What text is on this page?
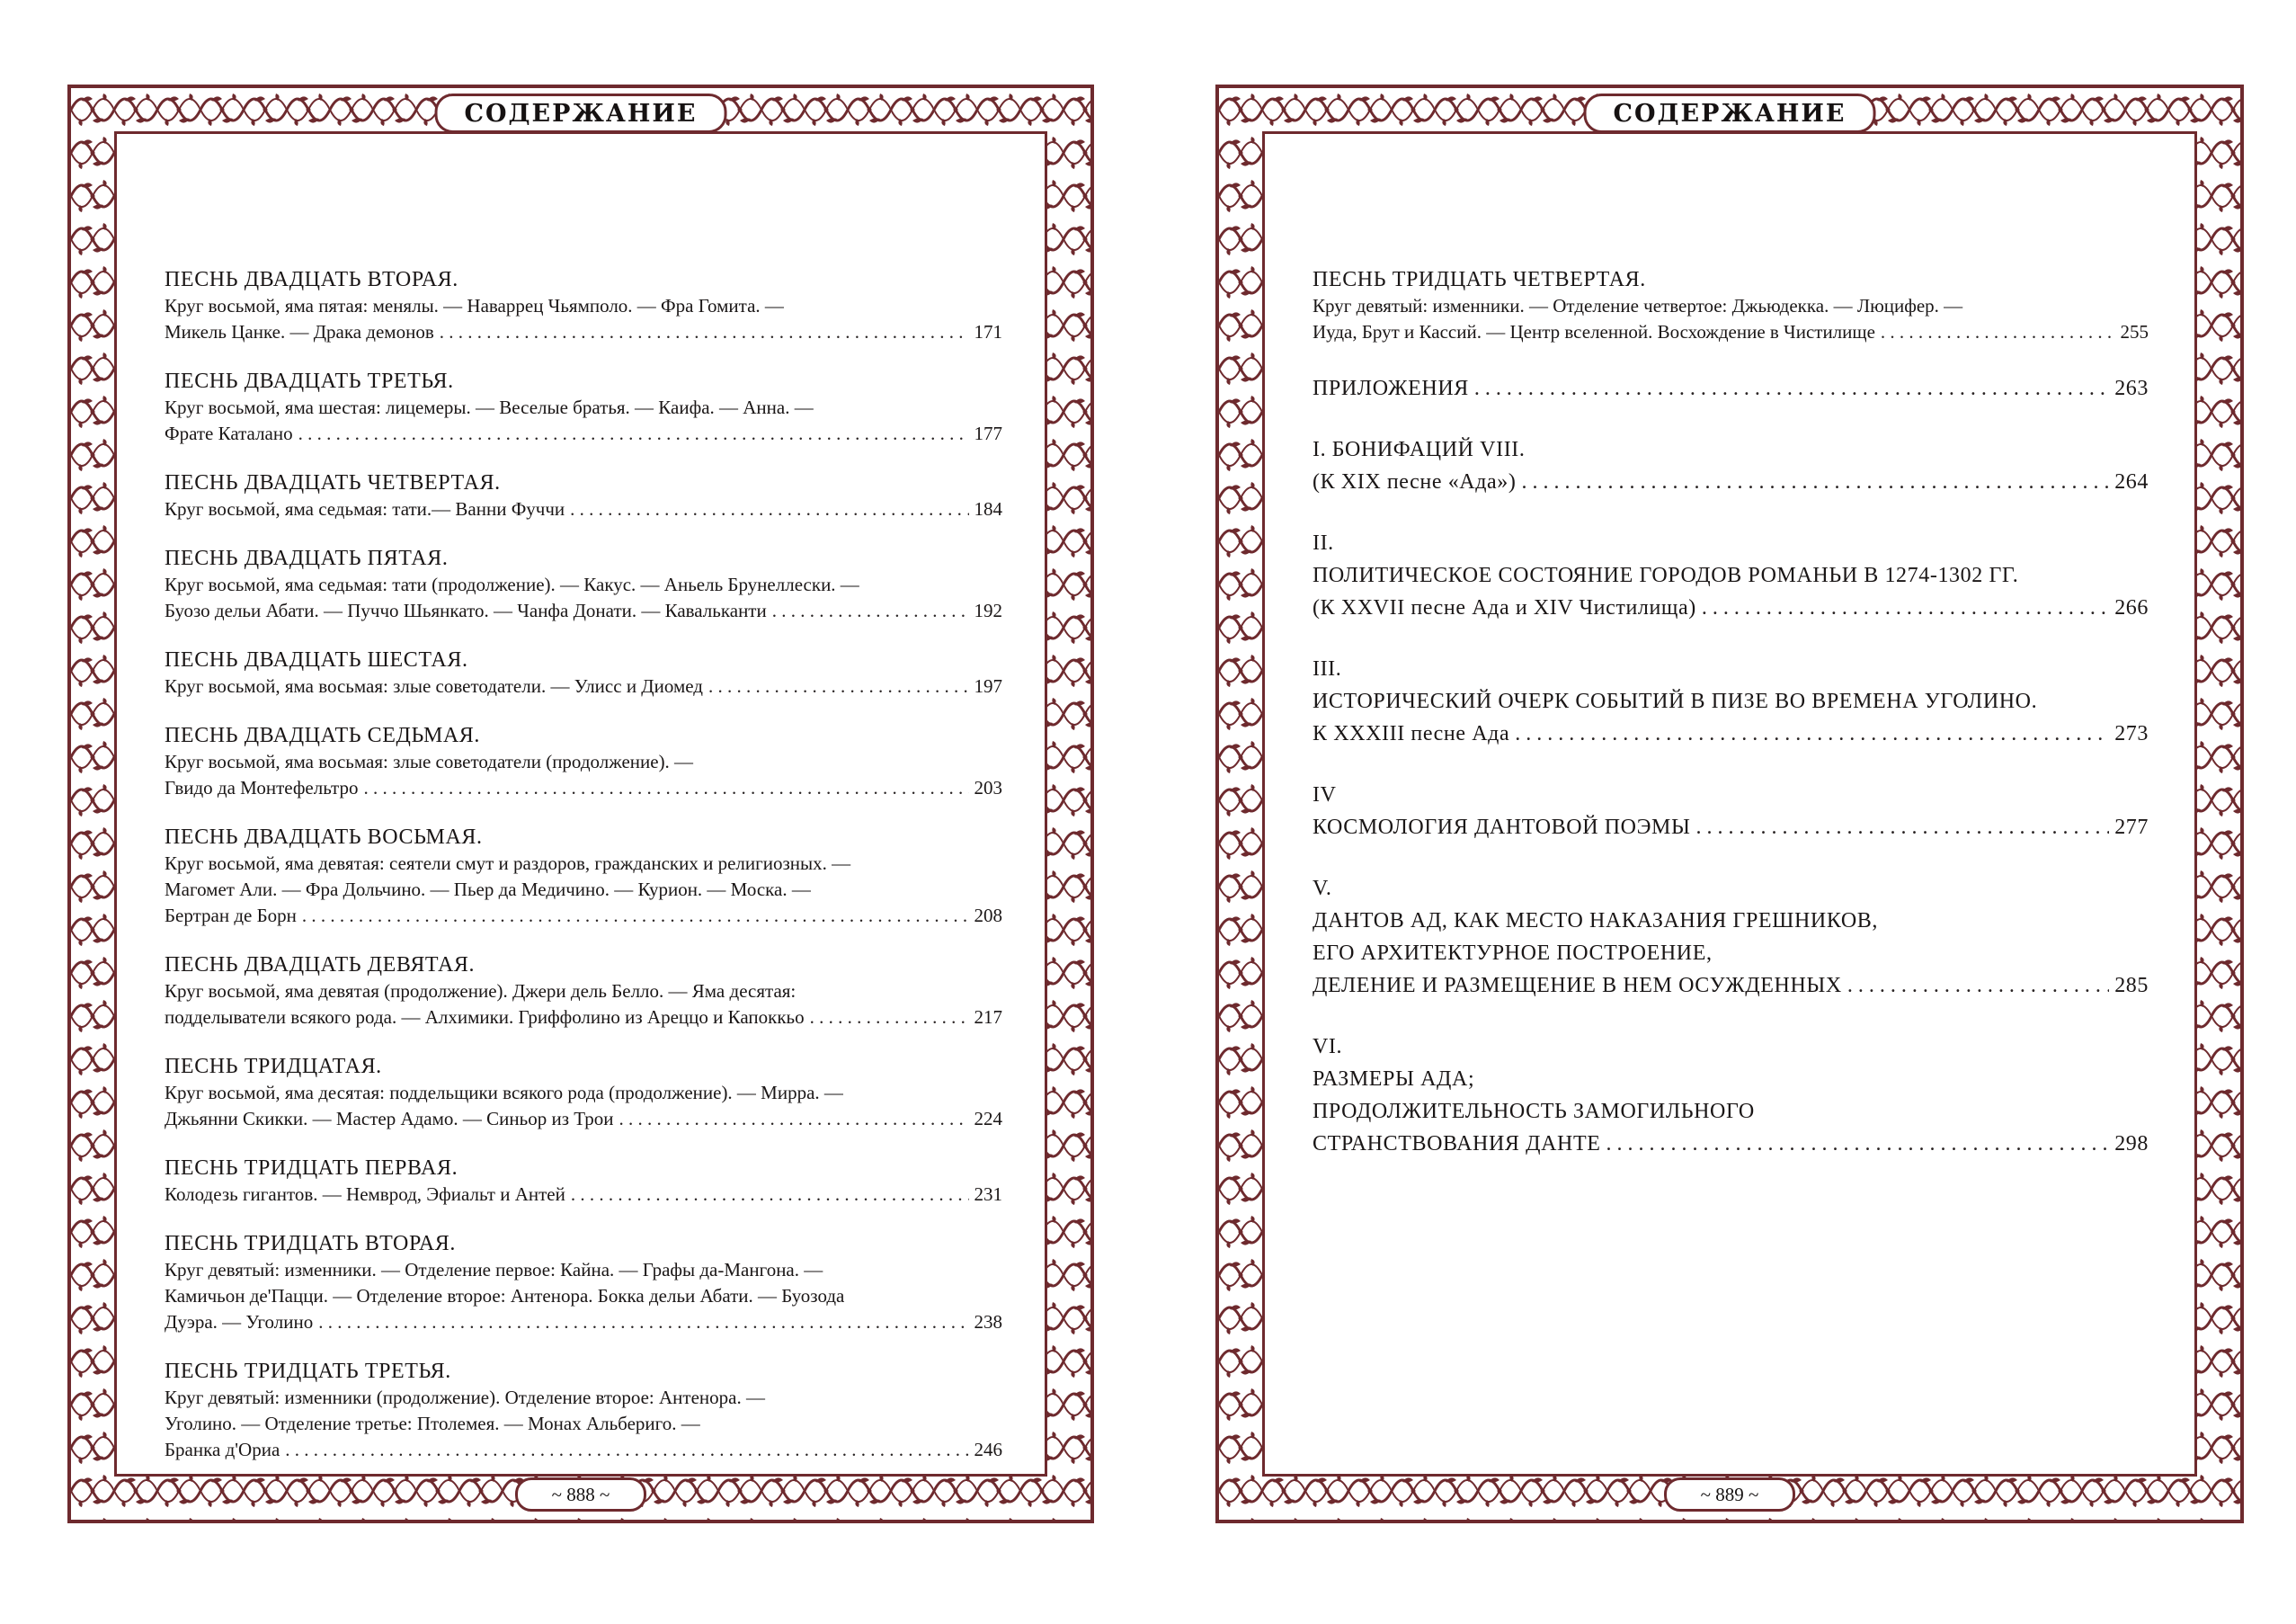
СОДЕРЖАНИЕ
ПЕСНЬ ДВАДЦАТЬ ВТОРАЯ.
Круг восьмой, яма пятая: менялы. — Наваррец Чьямполо. — Фра Гомита. —
Микель Цанке. — Драка демонов . . .	171
ПЕСНЬ ДВАДЦАТЬ ТРЕТЬЯ.
Круг восьмой, яма шестая: лицемеры. — Веселые братья. — Каифа. — Анна. —
Фрате Каталано . . .	177
ПЕСНЬ ДВАДЦАТЬ ЧЕТВЕРТАЯ.
Круг восьмой, яма седьмая: тати.— Ванни Фуччи . . .	184
ПЕСНЬ ДВАДЦАТЬ ПЯТАЯ.
Круг восьмой, яма седьмая: тати (продолжение). — Какус. — Аньель Брунеллески. —
Буозо дельи Абати. — Пуччо Шьянкато. — Чанфа Донати. — Кавальканти . . .	192
ПЕСНЬ ДВАДЦАТЬ ШЕСТАЯ.
Круг восьмой, яма восьмая: злые советодатели. — Улисс и Диомед . . .	197
ПЕСНЬ ДВАДЦАТЬ СЕДЬМАЯ.
Круг восьмой, яма восьмая: злые советодатели (продолжение). —
Гвидо да Монтефельтро . . .	203
ПЕСНЬ ДВАДЦАТЬ ВОСЬМАЯ.
Круг восьмой, яма девятая: сеятели смут и раздоров, гражданских и религиозных. —
Магомет Али. — Фра Дольчино. — Пьер да Медичино. — Курион. — Моска. —
Бертран де Борн . . .	208
ПЕСНЬ ДВАДЦАТЬ ДЕВЯТАЯ.
Круг восьмой, яма девятая (продолжение). Джери дель Белло. — Яма десятая:
подделыватели всякого рода. — Алхимики. Гриффолино из Ареццо и Капоккьо . . .	217
ПЕСНЬ ТРИДЦАТАЯ.
Круг восьмой, яма десятая: поддельщики всякого рода (продолжение). — Мирра. —
Джьянни Скикки. — Мастер Адамо. — Синьор из Трои . . .	224
ПЕСНЬ ТРИДЦАТЬ ПЕРВАЯ.
Колодезь гигантов. — Немврод, Эфиальт и Антей . . .	231
ПЕСНЬ ТРИДЦАТЬ ВТОРАЯ.
Круг девятый: изменники. — Отделение первое: Кайна. — Графы да-Мангона. —
Камичьон де'Пацци. — Отделение второе: Антенора. Бокка дельи Абати. — Буозода
Дуэра. — Уголино . . .	238
ПЕСНЬ ТРИДЦАТЬ ТРЕТЬЯ.
Круг девятый: изменники (продолжение). Отделение второе: Антенора. —
Уголино. — Отделение третье: Птолемея. — Монах Альбериго. —
Бранка д'Ориа . . .	246
~ 888 ~
СОДЕРЖАНИЕ
ПЕСНЬ ТРИДЦАТЬ ЧЕТВЕРТАЯ.
Круг девятый: изменники. — Отделение четвертое: Джьюдекка. — Люцифер. —
Иуда, Брут и Кассий. — Центр вселенной. Восхождение в Чистилище . . .	255
ПРИЛОЖЕНИЯ . . .	263
I. БОНИФАЦИЙ VIII.
(К XIX песне «Ада») . . .	264
II.
ПОЛИТИЧЕСКОЕ СОСТОЯНИЕ ГОРОДОВ РОМАНЬИ В 1274-1302 ГГ.
(К XXVII песне Ада и XIV Чистилища) . . .	266
III.
ИСТОРИЧЕСКИЙ ОЧЕРК СОБЫТИЙ В ПИЗЕ ВО ВРЕМЕНА УГОЛИНО.
К XXXIII песне Ада . . .	273
IV
КОСМОЛОГИЯ ДАНТОВОЙ ПОЭМЫ . . .	277
V.
ДАНТОВ АД, КАК МЕСТО НАКАЗАНИЯ ГРЕШНИКОВ,
ЕГО АРХИТЕКТУРНОЕ ПОСТРОЕНИЕ,
ДЕЛЕНИЕ И РАЗМЕЩЕНИЕ В НЕМ ОСУЖДЕННЫХ . . .	285
VI.
РАЗМЕРЫ АДА;
ПРОДОЛЖИТЕЛЬНОСТЬ ЗАМОГИЛЬНОГО
СТРАНСТВОВАНИЯ ДАНТЕ . . .	298
~ 889 ~
